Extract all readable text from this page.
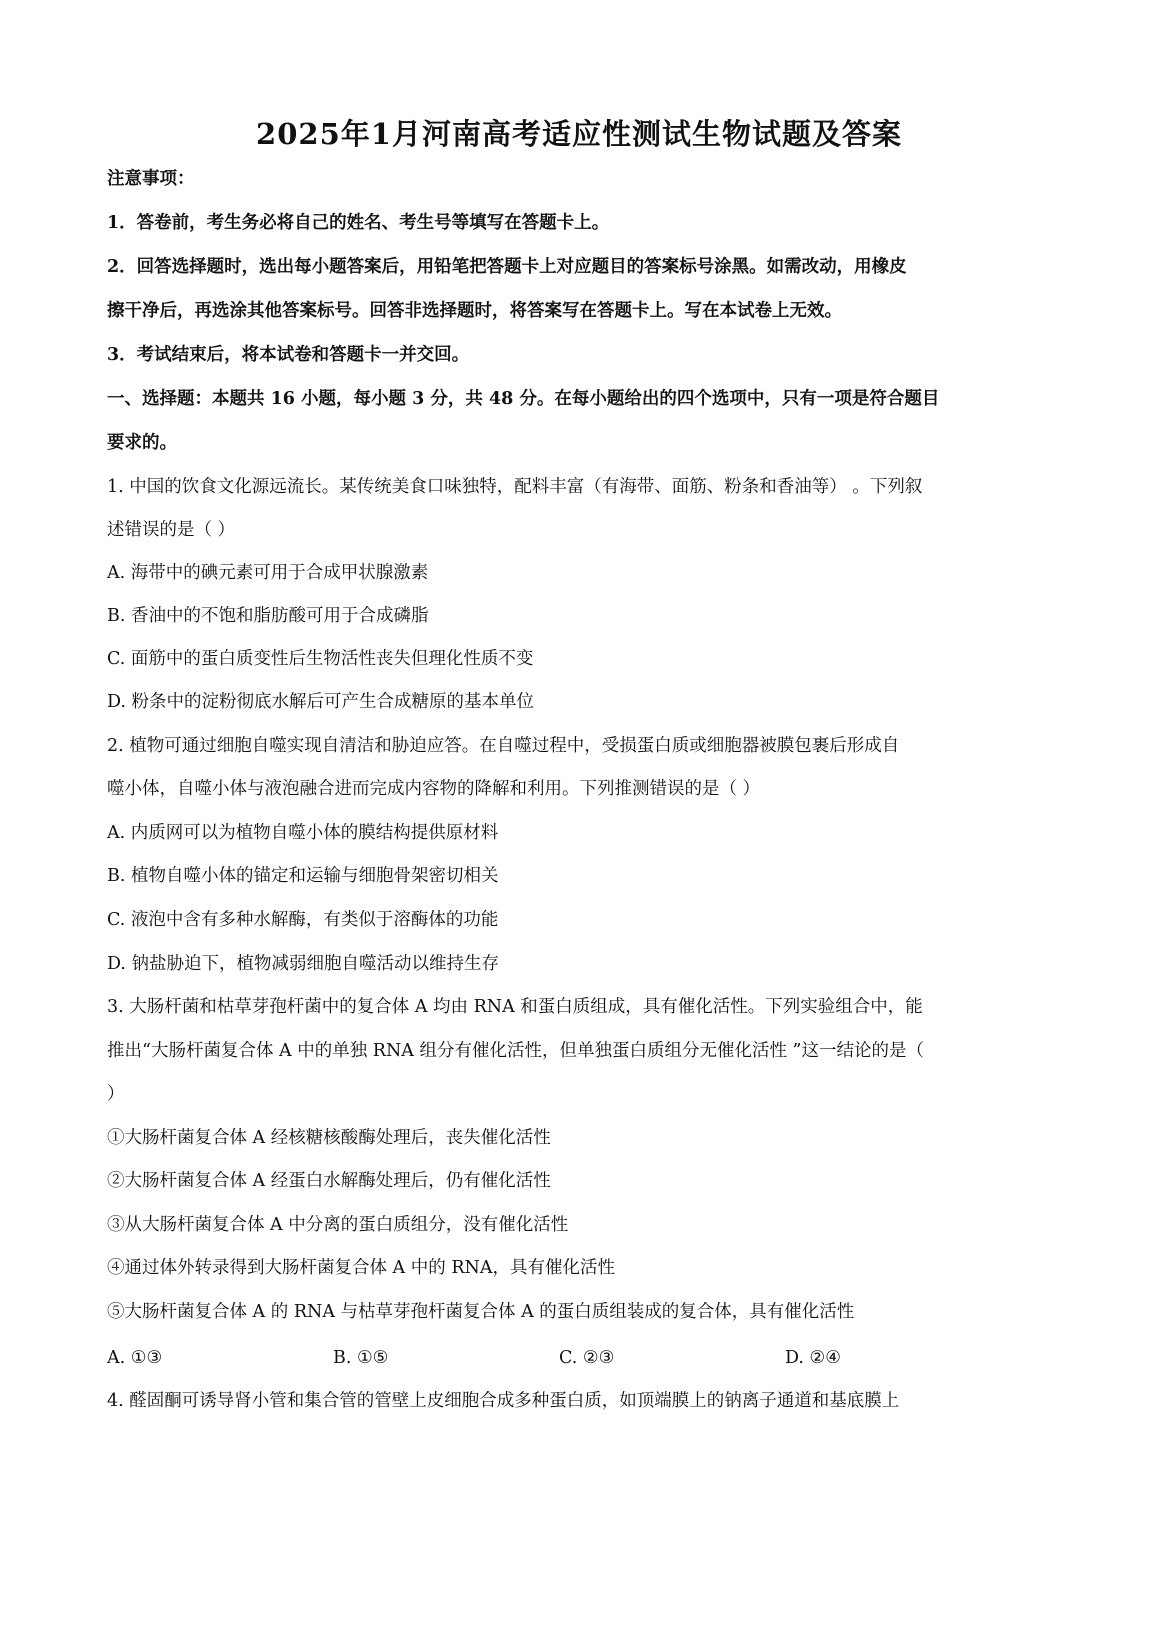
2025年1月河南高考适应性测试生物试题及答案
注意事项：
1．答卷前，考生务必将自己的姓名、考生号等填写在答题卡上。
2．回答选择题时，选出每小题答案后，用铅笔把答题卡上对应题目的答案标号涂黑。如需改动，用橡皮
擦干净后，再选涂其他答案标号。回答非选择题时，将答案写在答题卡上。写在本试卷上无效。
3．考试结束后，将本试卷和答题卡一并交回。
一、选择题：本题共 16 小题，每小题 3 分，共 48 分。在每小题给出的四个选项中，只有一项是符合题目
要求的。
1. 中国的饮食文化源远流长。某传统美食口味独特，配料丰富（有海带、面筋、粉条和香油等） 。下列叙
述错误的是（ ）
A. 海带中的碘元素可用于合成甲状腺激素
B. 香油中的不饱和脂肪酸可用于合成磷脂
C. 面筋中的蛋白质变性后生物活性丧失但理化性质不变
D. 粉条中的淀粉彻底水解后可产生合成糖原的基本单位
2. 植物可通过细胞自噬实现自清洁和胁迫应答。在自噬过程中，受损蛋白质或细胞器被膜包裹后形成自
噬小体，自噬小体与液泡融合进而完成内容物的降解和利用。下列推测错误的是（ ）
A. 内质网可以为植物自噬小体的膜结构提供原材料
B. 植物自噬小体的锚定和运输与细胞骨架密切相关
C. 液泡中含有多种水解酶，有类似于溶酶体的功能
D. 钠盐胁迫下，植物减弱细胞自噬活动以维持生存
3. 大肠杆菌和枯草芽孢杆菌中的复合体 A 均由 RNA 和蛋白质组成，具有催化活性。下列实验组合中，能
推出“大肠杆菌复合体 A 中的单独 RNA 组分有催化活性，但单独蛋白质组分无催化活性 ”这一结论的是（
）
①大肠杆菌复合体 A 经核糖核酸酶处理后，丧失催化活性
②大肠杆菌复合体 A 经蛋白水解酶处理后，仍有催化活性
③从大肠杆菌复合体 A 中分离的蛋白质组分，没有催化活性
④通过体外转录得到大肠杆菌复合体 A 中的 RNA，具有催化活性
⑤大肠杆菌复合体 A 的 RNA 与枯草芽孢杆菌复合体 A 的蛋白质组装成的复合体，具有催化活性
A. ①③	B. ①⑤	C. ②③	D. ②④
4. 醛固酮可诱导肾小管和集合管的管壁上皮细胞合成多种蛋白质，如顶端膜上的钠离子通道和基底膜上
